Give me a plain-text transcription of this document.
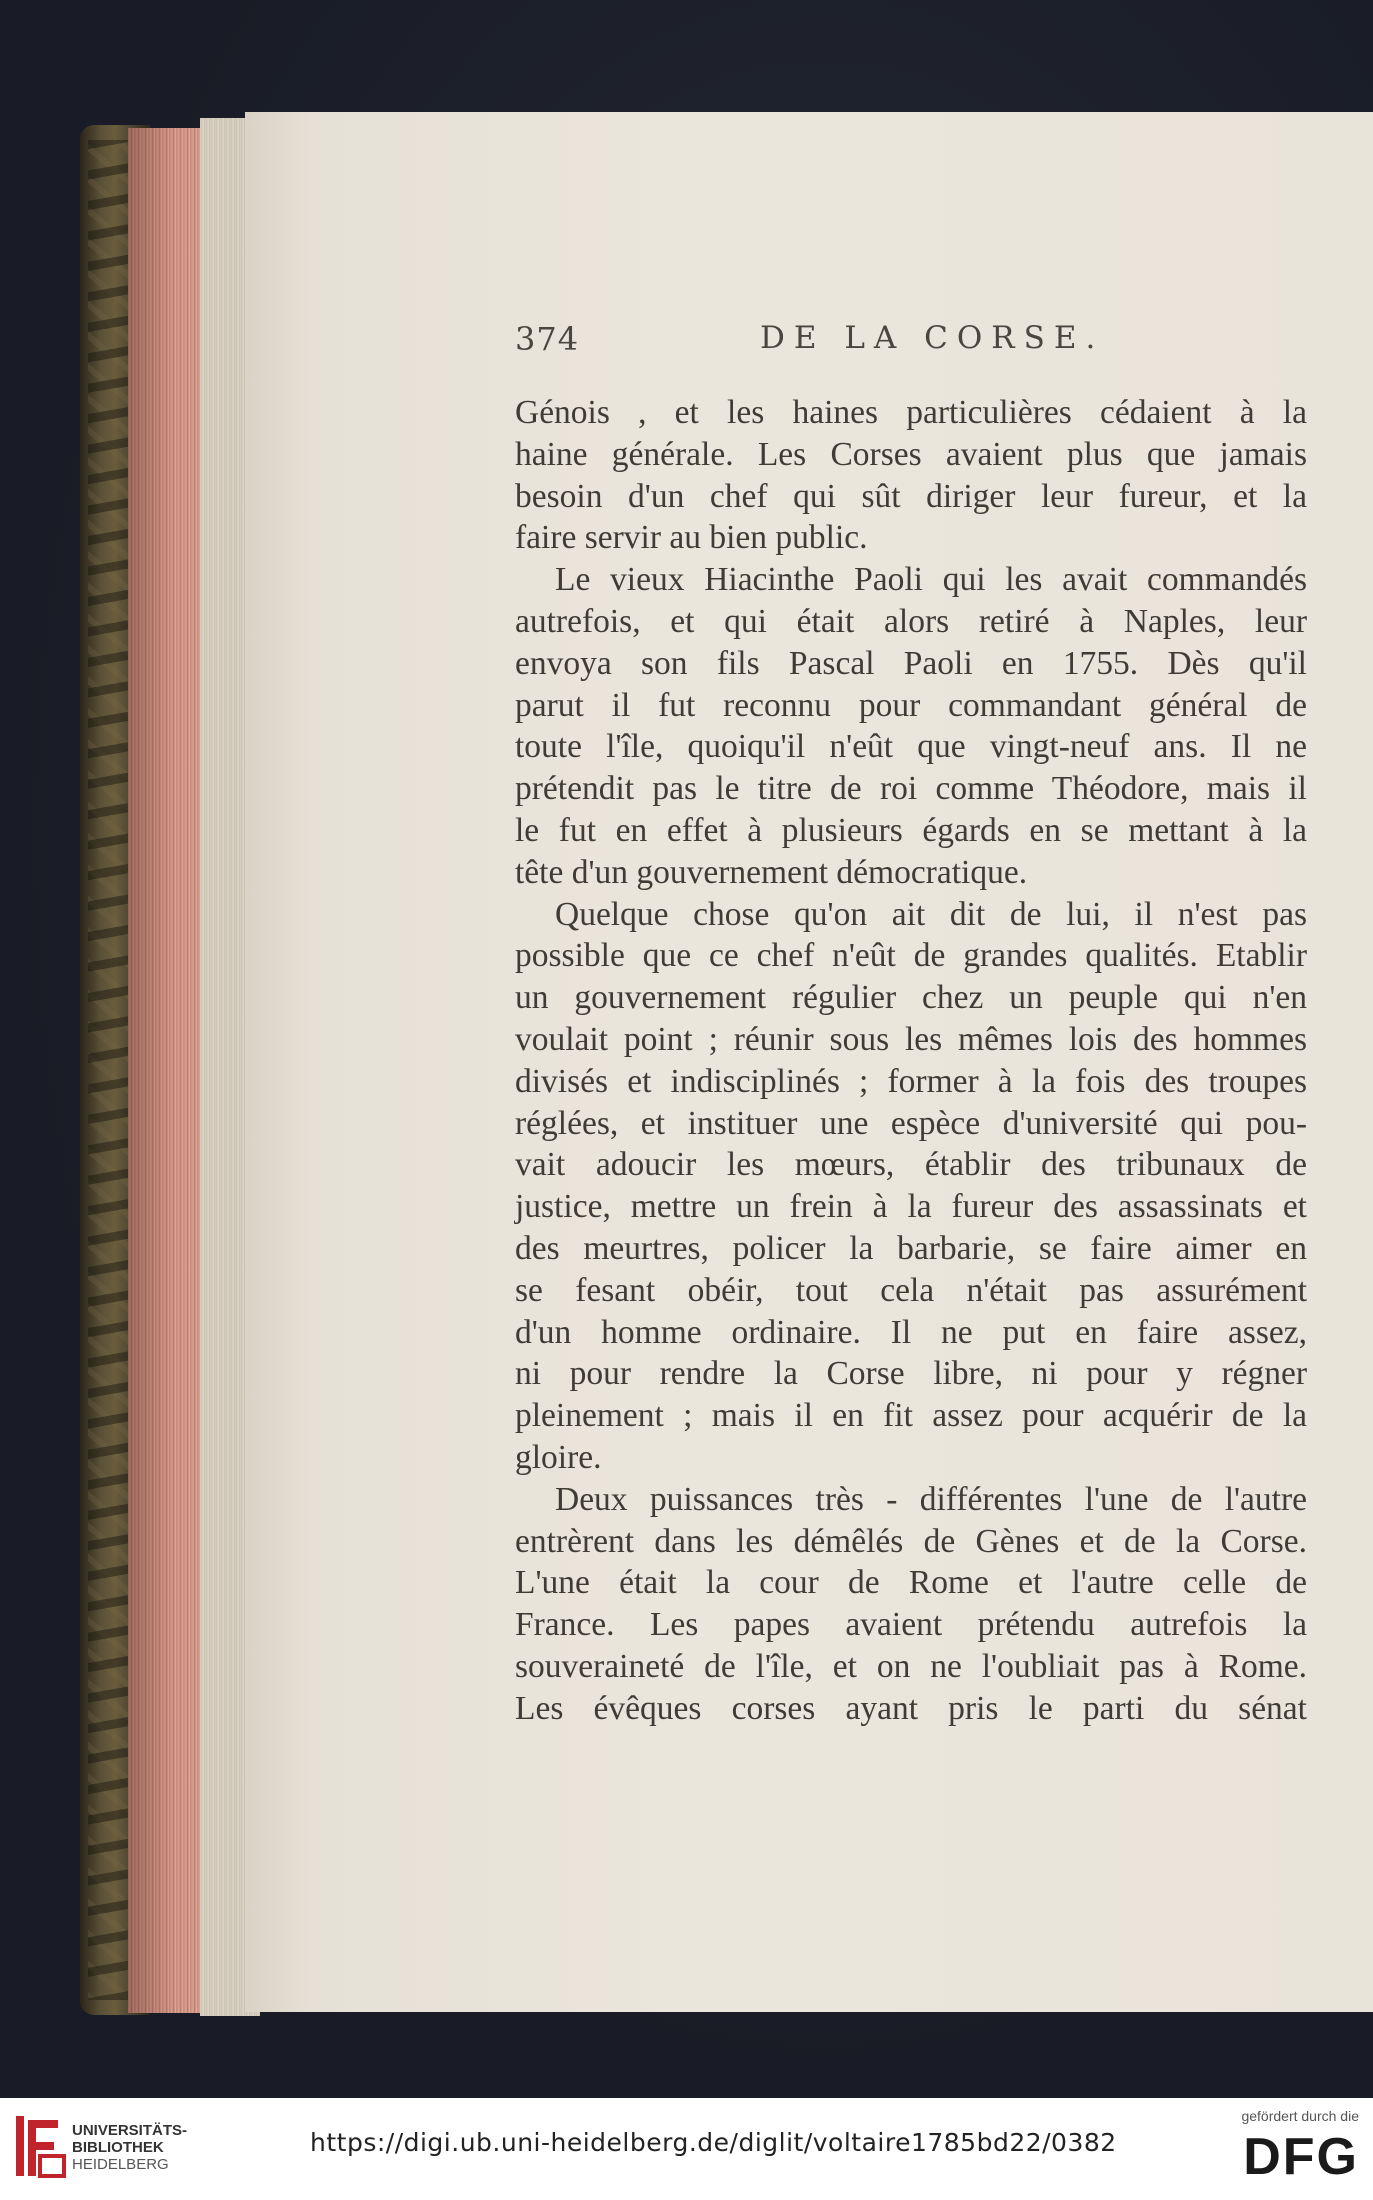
374	DE LA CORSE.
Génois , et les haines particulières cédaient à la
haine générale. Les Corses avaient plus que jamais
besoin d'un chef qui sût diriger leur fureur, et la
faire servir au bien public.
Le vieux Hiacinthe Paoli qui les avait commandés
autrefois, et qui était alors retiré à Naples, leur
envoya son fils Pascal Paoli en 1755. Dès qu'il
parut il fut reconnu pour commandant général de
toute l'île, quoiqu'il n'eût que vingt-neuf ans. Il ne
prétendit pas le titre de roi comme Théodore, mais il
le fut en effet à plusieurs égards en se mettant à la
tête d'un gouvernement démocratique.
Quelque chose qu'on ait dit de lui, il n'est pas
possible que ce chef n'eût de grandes qualités. Etablir
un gouvernement régulier chez un peuple qui n'en
voulait point ; réunir sous les mêmes lois des hommes
divisés et indisciplinés ; former à la fois des troupes
réglées, et instituer une espèce d'université qui pou-
vait adoucir les mœurs, établir des tribunaux de
justice, mettre un frein à la fureur des assassinats et
des meurtres, policer la barbarie, se faire aimer en
se fesant obéir, tout cela n'était pas assurément
d'un homme ordinaire. Il ne put en faire assez,
ni pour rendre la Corse libre, ni pour y régner
pleinement ; mais il en fit assez pour acquérir de la
gloire.
Deux puissances très - différentes l'une de l'autre
entrèrent dans les démêlés de Gènes et de la Corse.
L'une était la cour de Rome et l'autre celle de
France. Les papes avaient prétendu autrefois la
souveraineté de l'île, et on ne l'oubliait pas à Rome.
Les évêques corses ayant pris le parti du sénat
UNIVERSITÄTS-
BIBLIOTHEK
HEIDELBERG
https://digi.ub.uni-heidelberg.de/diglit/voltaire1785bd22/0382
gefördert durch die
DFG
